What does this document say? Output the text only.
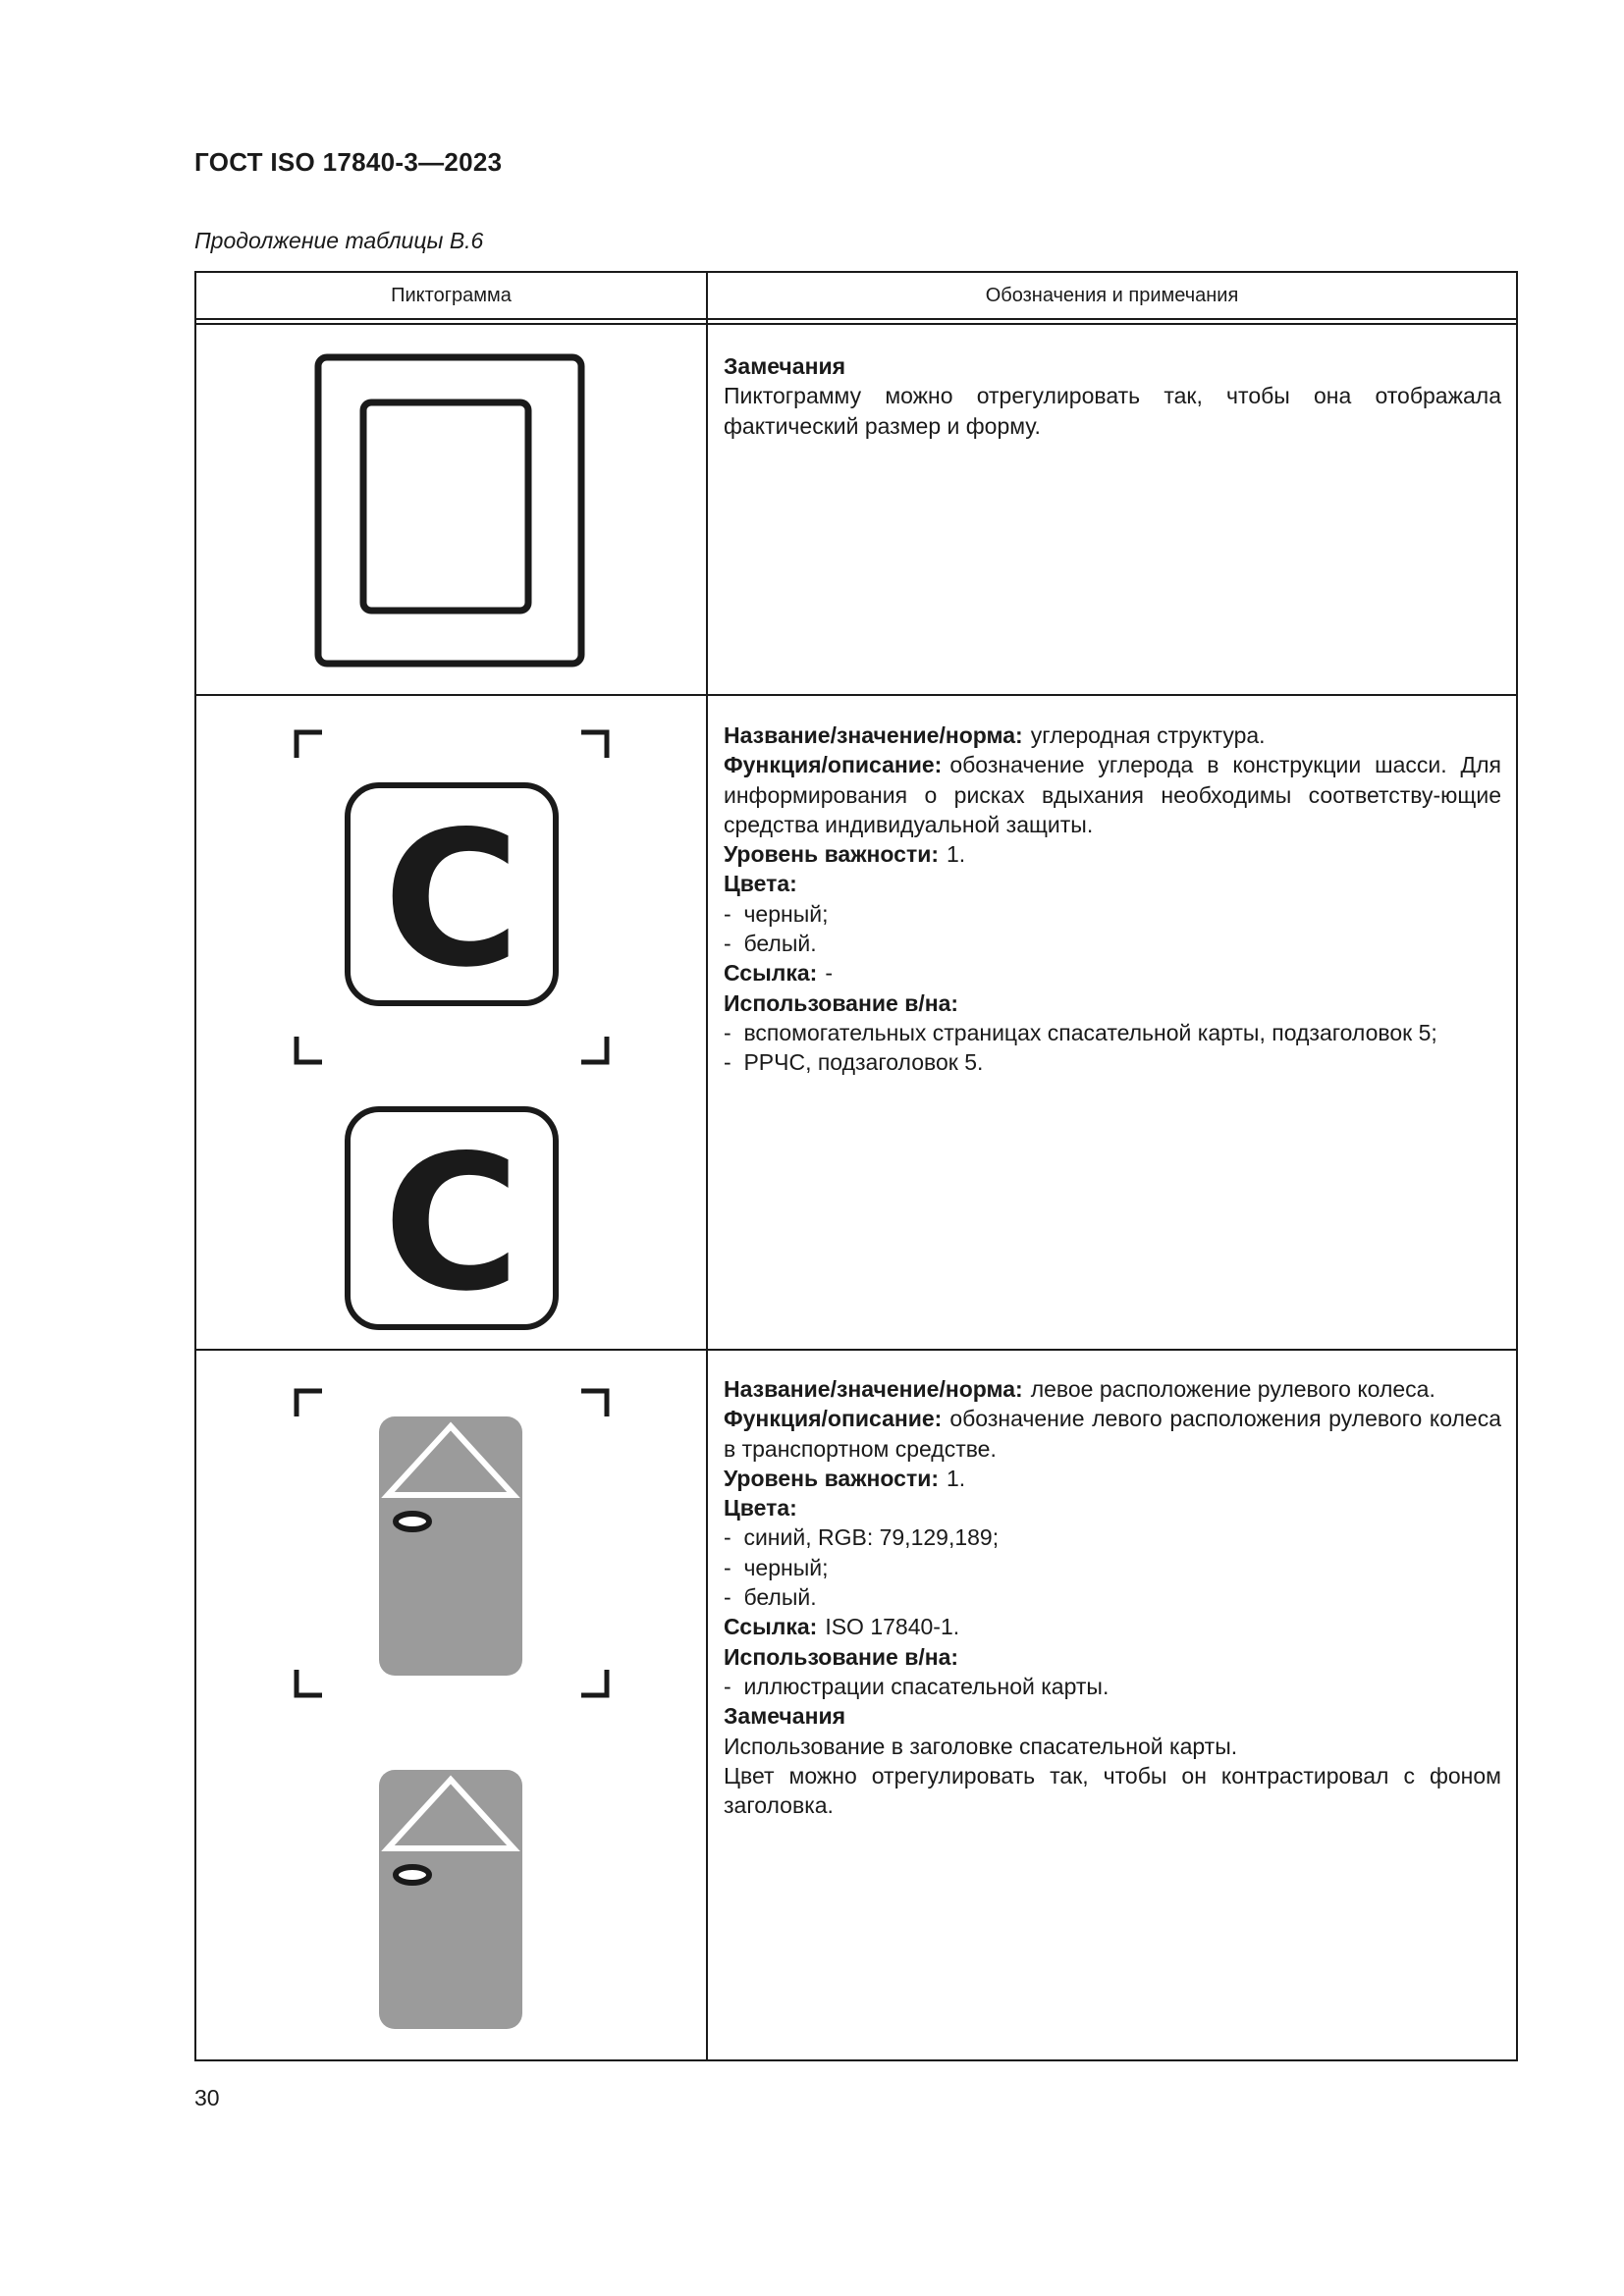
ГОСТ ISO 17840-3—2023
Продолжение таблицы В.6
Пиктограмма	Обозначения и примечания
Замечания
Пиктограмму можно отрегулировать так, чтобы она отображала фактический размер и форму.
C
C
Название/значение/норма: углеродная структура.
Функция/описание: обозначение углерода в конструкции шасси. Для информирования о рисках вдыхания необходимы соответству-ющие средства индивидуальной защиты.
Уровень важности: 1.
Цвета:
-  черный;
-  белый.
Ссылка: -
Использование в/на:
-  вспомогательных страницах спасательной карты, подзаголовок 5;
-  РРЧС, подзаголовок 5.
Название/значение/норма: левое расположение рулевого колеса.
Функция/описание: обозначение левого расположения рулевого колеса в транспортном средстве.
Уровень важности: 1.
Цвета:
-  синий, RGB: 79,129,189;
-  черный;
-  белый.
Ссылка: ISO 17840-1.
Использование в/на:
-  иллюстрации спасательной карты.
Замечания
Использование в заголовке спасательной карты.
Цвет можно отрегулировать так, чтобы он контрастировал с фоном заголовка.
30
